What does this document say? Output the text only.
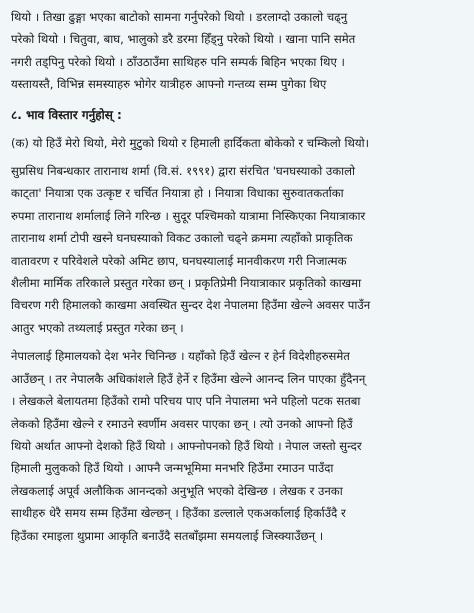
थियो । तिखा ढुङ्गा भएका बाटोको सामना गर्नुपरेको थियो । डरलाग्दो उकालो चढ्नु
परेको थियो । चितुवा, बाघ, भालुको डरै डरमा हिँड्नु परेको थियो । खाना पानि समेत
नगरी तड्पिनु परेको थियो । ठाँउठाउँमा साथिहरु पनि सम्पर्क बिहिन भएका थिए ।
यस्तायस्तै, विभिन्न समस्याहरु भोगेर यात्रीहरु आफ्नो गन्तव्य सम्म पुगेका थिए

८. भाव विस्तार गर्नुहोस् :

(क) यो हिउँ मेरो थियो, मेरो मुटुको थियो र हिमाली हार्दिकता बोकेको र चम्किलो थियो।

सुप्रसिध निबन्धकार तारानाथ शर्मा (वि.सं. १९९१) द्वारा संरचित 'घनघस्याको उकालो
काट्ता' नियात्रा एक उत्कृष्ट र चर्चित नियात्रा हो । नियात्रा विधाका सुरुवातकर्ताका
रुपमा तारानाथ शर्मालाई लिने गरिन्छ । सुदूर पश्चिमको यात्रामा निस्किएका नियात्राकार
तारानाथ शर्मा टोपी खस्ने घनघस्याको विकट उकालो चढ्ने क्रममा त्यहाँको प्राकृतिक
वातावरण र परिवेशले परेको अमिट छाप, घनघस्यालाई मानवीकरण गरी निजात्मक
शैलीमा मार्मिक तरिकाले प्रस्तुत गरेका छन् । प्रकृतिप्रेमी नियात्राकार प्रकृतिको काखमा
विचरण गरी हिमालको काखमा अवस्थित सुन्दर देश नेपालमा हिउँमा खेल्ने अवसर पाउँन
आतुर भएको तथ्यलाई प्रस्तुत गरेका छन् ।

नेपाललाई हिमालयको देश भनेर चिनिन्छ । यहाँको हिउँ खेल्न र हेर्न विदेशीहरुसमेत
आउँछन् । तर नेपालकै अधिकांशले हिउँ हेर्ने र हिउँमा खेल्ने आनन्द लिन पाएका हुँदैनन्
। लेखकले बेलायतमा हिउँको रामो परिचय पाए पनि नेपालमा भने पहिलो पटक सतबा
लेकको हिउँमा खेल्ने र रमाउने स्वर्णीम अवसर पाएका छन् । त्यो उनको आफ्नो हिउँ
थियो अर्थात आफ्नो देशको हिउँ थियो । आफ्नोपनको हिउँ थियो । नेपाल जस्तो सुन्दर
हिमाली मुलुकको हिउँ थियो । आफ्नै जन्मभूमिमा मनभरि हिउँमा रमाउन पाउँदा
लेखकलाई अपूर्व अलौकिक आनन्दको अनुभूति भएको देखिन्छ । लेखक र उनका
साथीहरु धेरै समय सम्म हिउँमा खेल्छन् । हिउँका डल्लाले एकअर्कालाई हिर्काउँदै र
हिउँका रमाइला थुप्रामा आकृति बनाउँदै सतबाँझमा समयलाई जिस्क्याउँछन् ।
